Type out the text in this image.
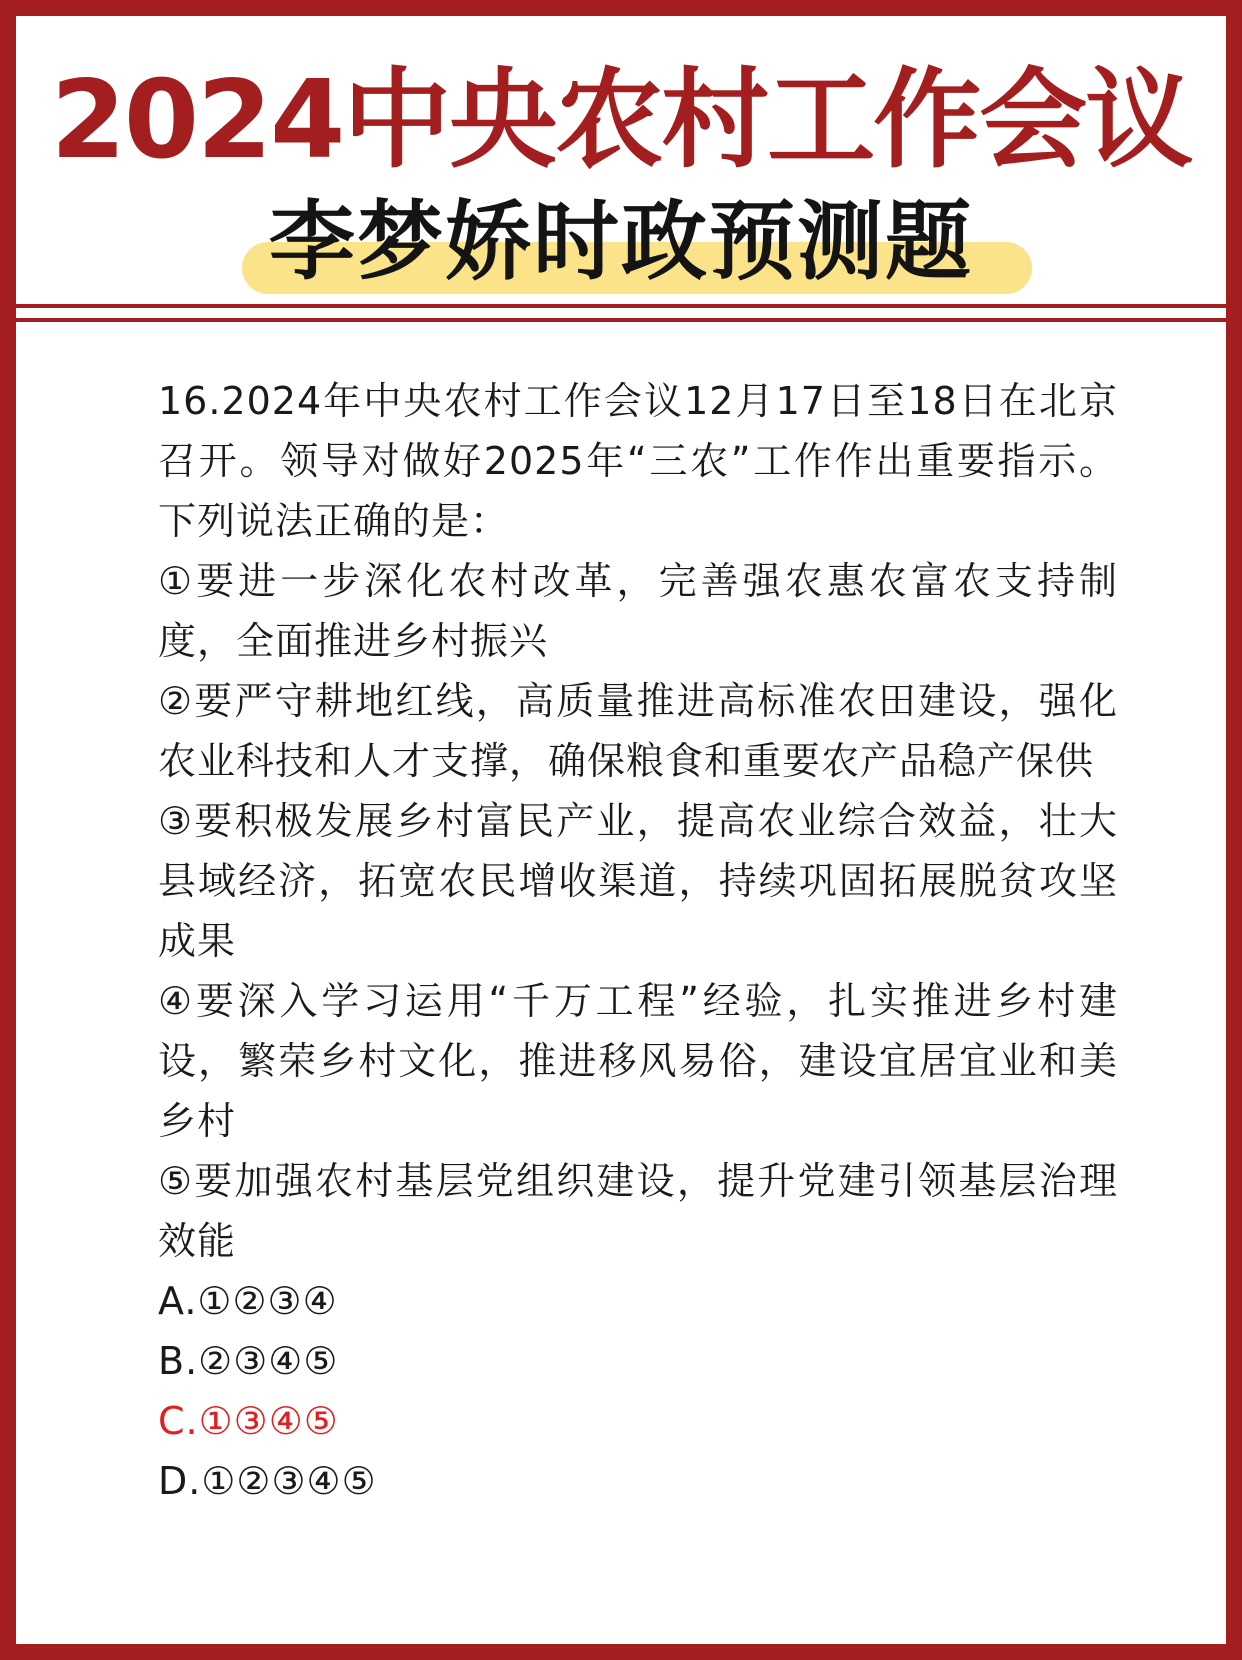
2024中央农村工作会议
李梦娇时政预测题

16.2024年中央农村工作会议12月17日至18日在北京召开。领导对做好2025年“三农”工作作出重要指示。下列说法正确的是：

①要进一步深化农村改革，完善强农惠农富农支持制度，全面推进乡村振兴

②要严守耕地红线，高质量推进高标准农田建设，强化农业科技和人才支撑，确保粮食和重要农产品稳产保供

③要积极发展乡村富民产业，提高农业综合效益，壮大县域经济，拓宽农民增收渠道，持续巩固拓展脱贫攻坚成果

④要深入学习运用“千万工程”经验，扎实推进乡村建设，繁荣乡村文化，推进移风易俗，建设宜居宜业和美乡村

⑤要加强农村基层党组织建设，提升党建引领基层治理效能

A.①②③④

B.②③④⑤

C.①③④⑤

D.①②③④⑤
